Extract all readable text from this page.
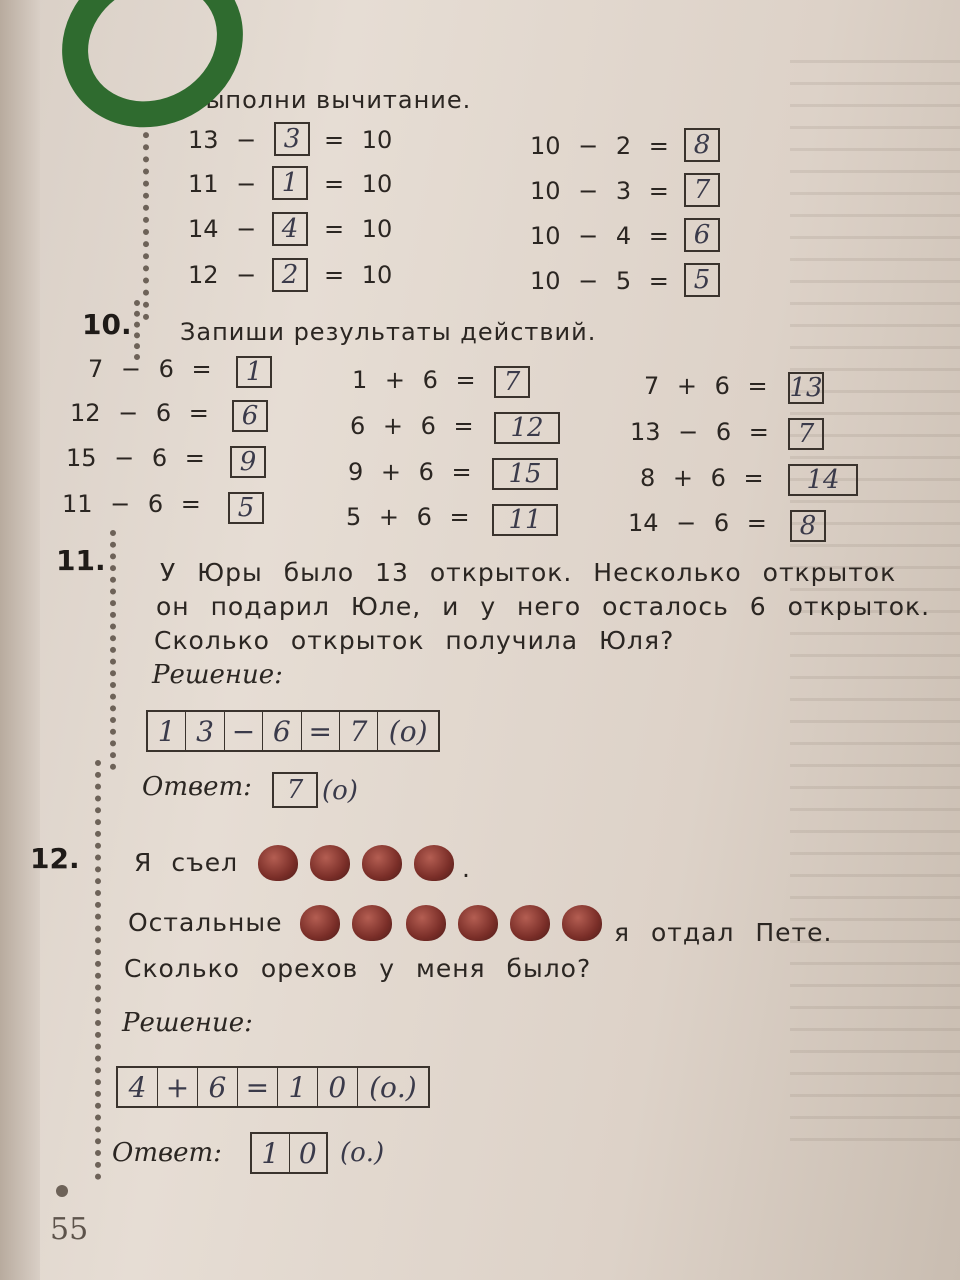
Выполни вычитание.
13 −	3 = 10
11 − 1	= 10
14 − 4	= 10
12 − 2	= 10
10 − 2 = 8
10 − 3 = 7
10 − 4 = 6
10 − 5 = 5
10. Запиши результаты действий.
7 − 6 =	1
12 − 6 =	6
15 − 6 =	9
11 − 6 =	5
1 + 6 =	7
6 + 6 =	12
9 + 6 =	15
5 + 6 =	11
7 + 6 = 13
13 − 6 =	7
8 + 6 =	14
14 − 6 =	8
11. У Юры было 13 открыток. Несколько открыток
он подарил Юле, и у него осталось 6 открыток.
Сколько открыток получила Юля?
Решение:
1 3 − 6 = 7 (о)
Ответ:	7 (о)
12. Я съел	.
Остальные	я отдал Пете.
Сколько орехов у меня было?
Решение:
4 + 6 = 1 0 (о.)
Ответ:	1 0 (о.)
55
